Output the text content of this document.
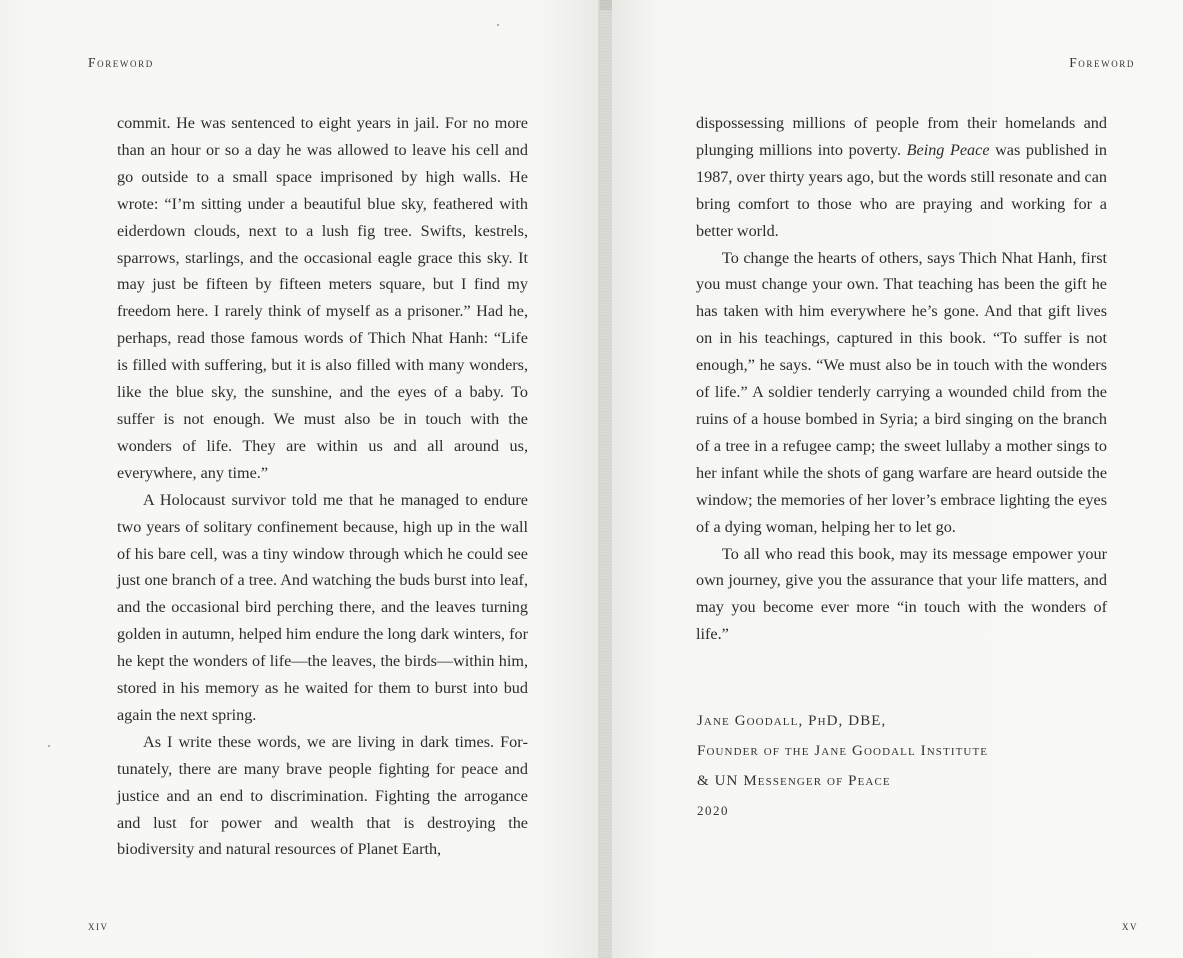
Foreword

commit. He was sentenced to eight years in jail. For no more than an hour or so a day he was allowed to leave his cell and go outside to a small space imprisoned by high walls. He wrote: “I’m sitting under a beautiful blue sky, feathered with eiderdown clouds, next to a lush fig tree. Swifts, kestrels, sparrows, starlings, and the occasional eagle grace this sky. It may just be fifteen by fifteen meters square, but I find my freedom here. I rarely think of myself as a prisoner.” Had he, perhaps, read those famous words of Thich Nhat Hanh: “Life is filled with suffering, but it is also filled with many wonders, like the blue sky, the sunshine, and the eyes of a baby. To suffer is not enough. We must also be in touch with the wonders of life. They are within us and all around us, everywhere, any time.”

A Holocaust survivor told me that he managed to endure two years of solitary confinement because, high up in the wall of his bare cell, was a tiny window through which he could see just one branch of a tree. And watching the buds burst into leaf, and the occasional bird perching there, and the leaves turning golden in autumn, helped him endure the long dark winters, for he kept the wonders of life—the leaves, the birds—within him, stored in his memory as he waited for them to burst into bud again the next spring.

As I write these words, we are living in dark times. Fortunately, there are many brave people fighting for peace and justice and an end to discrimination. Fighting the arrogance and lust for power and wealth that is destroying the biodiversity and natural resources of Planet Earth,

xiv
Foreword

dispossessing millions of people from their homelands and plunging millions into poverty. Being Peace was published in 1987, over thirty years ago, but the words still resonate and can bring comfort to those who are praying and working for a better world.

To change the hearts of others, says Thich Nhat Hanh, first you must change your own. That teaching has been the gift he has taken with him everywhere he’s gone. And that gift lives on in his teachings, captured in this book. “To suffer is not enough,” he says. “We must also be in touch with the wonders of life.” A soldier tenderly carrying a wounded child from the ruins of a house bombed in Syria; a bird singing on the branch of a tree in a refugee camp; the sweet lullaby a mother sings to her infant while the shots of gang warfare are heard outside the window; the memories of her lover’s embrace lighting the eyes of a dying woman, helping her to let go.

To all who read this book, may its message empower your own journey, give you the assurance that your life matters, and may you become ever more “in touch with the wonders of life.”

Jane Goodall, PhD, DBE,
Founder of the Jane Goodall Institute
& UN Messenger of Peace
2020
xv
